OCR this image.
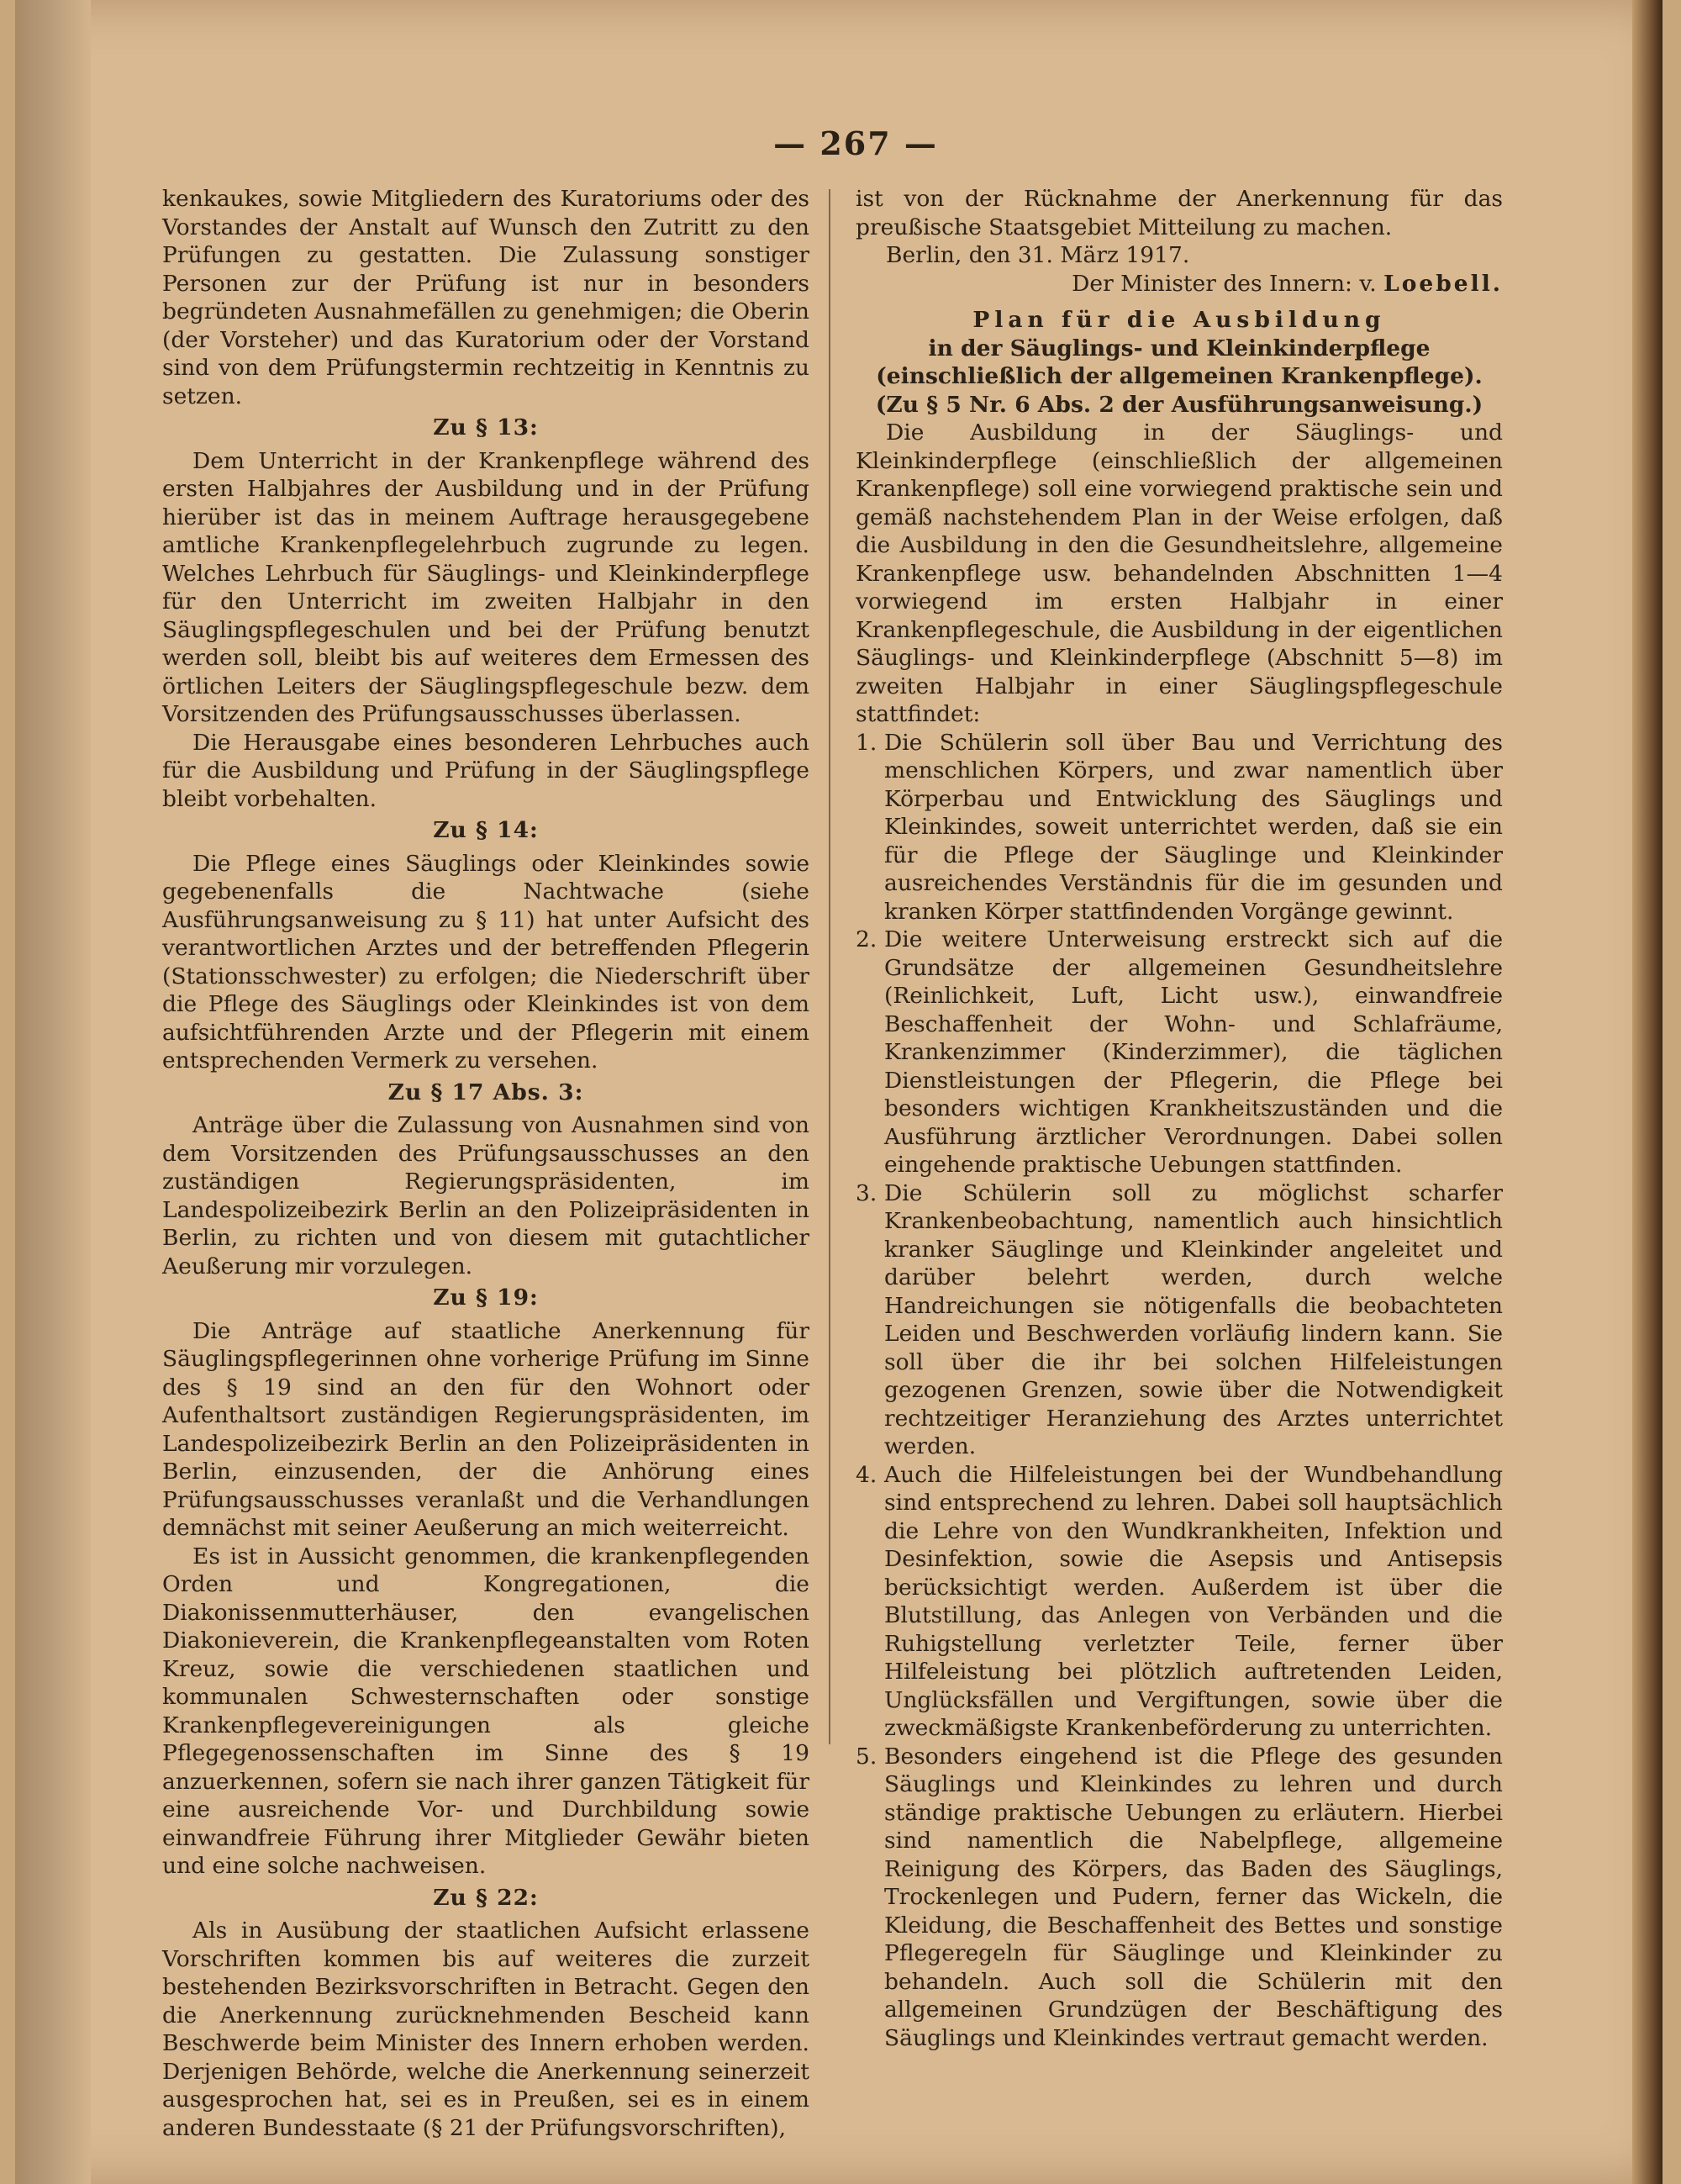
— 267 —

kenkaukes, sowie Mitgliedern des Kuratoriums oder des Vorstandes der Anstalt auf Wunsch den Zutritt zu den Prüfungen zu gestatten. Die Zulassung sonstiger Personen zur der Prüfung ist nur in besonders begründeten Ausnahmefällen zu genehmigen; die Oberin (der Vorsteher) und das Kuratorium oder der Vorstand sind von dem Prüfungstermin rechtzeitig in Kenntnis zu setzen.

Zu § 13:

Dem Unterricht in der Krankenpflege während des ersten Halbjahres der Ausbildung und in der Prüfung hierüber ist das in meinem Auftrage herausgegebene amtliche Krankenpflegelehrbuch zugrunde zu legen. Welches Lehrbuch für Säuglings- und Kleinkinderpflege für den Unterricht im zweiten Halbjahr in den Säuglingspflegeschulen und bei der Prüfung benutzt werden soll, bleibt bis auf weiteres dem Ermessen des örtlichen Leiters der Säuglingspflegeschule bezw. dem Vorsitzenden des Prüfungsausschusses überlassen.

Die Herausgabe eines besonderen Lehrbuches auch für die Ausbildung und Prüfung in der Säuglingspflege bleibt vorbehalten.

Zu § 14:

Die Pflege eines Säuglings oder Kleinkindes sowie gegebenenfalls die Nachtwache (siehe Ausführungsanweisung zu § 11) hat unter Aufsicht des verantwortlichen Arztes und der betreffenden Pflegerin (Stationsschwester) zu erfolgen; die Niederschrift über die Pflege des Säuglings oder Kleinkindes ist von dem aufsichtführenden Arzte und der Pflegerin mit einem entsprechenden Vermerk zu versehen.

Zu § 17 Abs. 3:

Anträge über die Zulassung von Ausnahmen sind von dem Vorsitzenden des Prüfungsausschusses an den zuständigen Regierungspräsidenten, im Landespolizeibezirk Berlin an den Polizeipräsidenten in Berlin, zu richten und von diesem mit gutachtlicher Aeußerung mir vorzulegen.

Zu § 19:

Die Anträge auf staatliche Anerkennung für Säuglingspflegerinnen ohne vorherige Prüfung im Sinne des § 19 sind an den für den Wohnort oder Aufenthaltsort zuständigen Regierungspräsidenten, im Landespolizeibezirk Berlin an den Polizeipräsidenten in Berlin, einzusenden, der die Anhörung eines Prüfungsausschusses veranlaßt und die Verhandlungen demnächst mit seiner Aeußerung an mich weiterreicht.

Es ist in Aussicht genommen, die krankenpflegenden Orden und Kongregationen, die Diakonissenmutterhäuser, den evangelischen Diakonieverein, die Krankenpflegeanstalten vom Roten Kreuz, sowie die verschiedenen staatlichen und kommunalen Schwesternschaften oder sonstige Krankenpflegevereinigungen als gleiche Pflegegenossenschaften im Sinne des § 19 anzuerkennen, sofern sie nach ihrer ganzen Tätigkeit für eine ausreichende Vor- und Durchbildung sowie einwandfreie Führung ihrer Mitglieder Gewähr bieten und eine solche nachweisen.

Zu § 22:

Als in Ausübung der staatlichen Aufsicht erlassene Vorschriften kommen bis auf weiteres die zurzeit bestehenden Bezirksvorschriften in Betracht. Gegen den die Anerkennung zurücknehmenden Bescheid kann Beschwerde beim Minister des Innern erhoben werden. Derjenigen Behörde, welche die Anerkennung seinerzeit ausgesprochen hat, sei es in Preußen, sei es in einem anderen Bundesstaate (§ 21 der Prüfungsvorschriften),

ist von der Rücknahme der Anerkennung für das preußische Staatsgebiet Mitteilung zu machen.

Berlin, den 31. März 1917.

Der Minister des Innern: v. Loebell.
Plan für die Ausbildung
in der Säuglings- und Kleinkinderpflege (einschließlich der allgemeinen Krankenpflege).
(Zu § 5 Nr. 6 Abs. 2 der Ausführungsanweisung.)

Die Ausbildung in der Säuglings- und Kleinkinderpflege (einschließlich der allgemeinen Krankenpflege) soll eine vorwiegend praktische sein und gemäß nachstehendem Plan in der Weise erfolgen, daß die Ausbildung in den die Gesundheitslehre, allgemeine Krankenpflege usw. behandelnden Abschnitten 1—4 vorwiegend im ersten Halbjahr in einer Krankenpflegeschule, die Ausbildung in der eigentlichen Säuglings- und Kleinkinderpflege (Abschnitt 5—8) im zweiten Halbjahr in einer Säuglingspflegeschule stattfindet:

1. Die Schülerin soll über Bau und Verrichtung des menschlichen Körpers, und zwar namentlich über Körperbau und Entwicklung des Säuglings und Kleinkindes, soweit unterrichtet werden, daß sie ein für die Pflege der Säuglinge und Kleinkinder ausreichendes Verständnis für die im gesunden und kranken Körper stattfindenden Vorgänge gewinnt.
2. Die weitere Unterweisung erstreckt sich auf die Grundsätze der allgemeinen Gesundheitslehre (Reinlichkeit, Luft, Licht usw.), einwandfreie Beschaffenheit der Wohn- und Schlafräume, Krankenzimmer (Kinderzimmer), die täglichen Dienstleistungen der Pflegerin, die Pflege bei besonders wichtigen Krankheitszuständen und die Ausführung ärztlicher Verordnungen. Dabei sollen eingehende praktische Uebungen stattfinden.
3. Die Schülerin soll zu möglichst scharfer Krankenbeobachtung, namentlich auch hinsichtlich kranker Säuglinge und Kleinkinder angeleitet und darüber belehrt werden, durch welche Handreichungen sie nötigenfalls die beobachteten Leiden und Beschwerden vorläufig lindern kann. Sie soll über die ihr bei solchen Hilfeleistungen gezogenen Grenzen, sowie über die Notwendigkeit rechtzeitiger Heranziehung des Arztes unterrichtet werden.
4. Auch die Hilfeleistungen bei der Wundbehandlung sind entsprechend zu lehren. Dabei soll hauptsächlich die Lehre von den Wundkrankheiten, Infektion und Desinfektion, sowie die Asepsis und Antisepsis berücksichtigt werden. Außerdem ist über die Blutstillung, das Anlegen von Verbänden und die Ruhigstellung verletzter Teile, ferner über Hilfeleistung bei plötzlich auftretenden Leiden, Unglücksfällen und Vergiftungen, sowie über die zweckmäßigste Krankenbeförderung zu unterrichten.
5. Besonders eingehend ist die Pflege des gesunden Säuglings und Kleinkindes zu lehren und durch ständige praktische Uebungen zu erläutern. Hierbei sind namentlich die Nabelpflege, allgemeine Reinigung des Körpers, das Baden des Säuglings, Trockenlegen und Pudern, ferner das Wickeln, die Kleidung, die Beschaffenheit des Bettes und sonstige Pflegeregeln für Säuglinge und Kleinkinder zu behandeln. Auch soll die Schülerin mit den allgemeinen Grundzügen der Beschäftigung des Säuglings und Kleinkindes vertraut gemacht werden.
